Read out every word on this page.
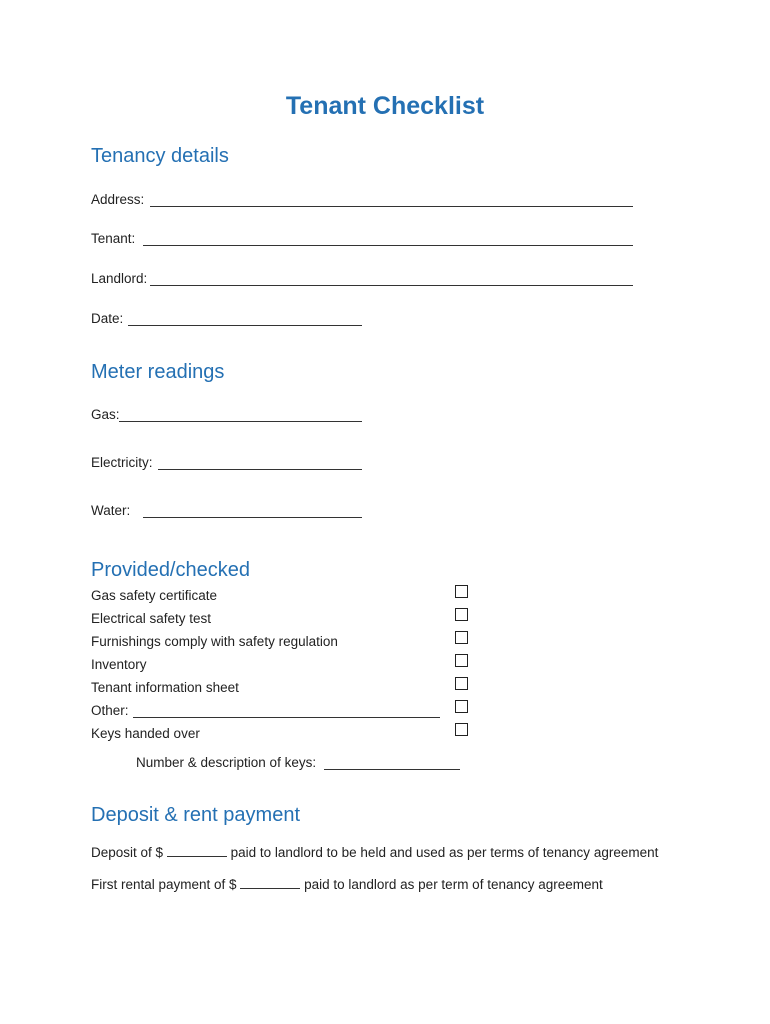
Tenant Checklist
Tenancy details
Address:
Tenant:
Landlord:
Date:
Meter readings
Gas:
Electricity:
Water:
Provided/checked
Gas safety certificate
Electrical safety test
Furnishings comply with safety regulation
Inventory
Tenant information sheet
Other:
Keys handed over
Number & description of keys:
Deposit & rent payment
Deposit of $	paid to landlord to be held and used as per terms of tenancy agreement
First rental payment of $	paid to landlord as per term of tenancy agreement
